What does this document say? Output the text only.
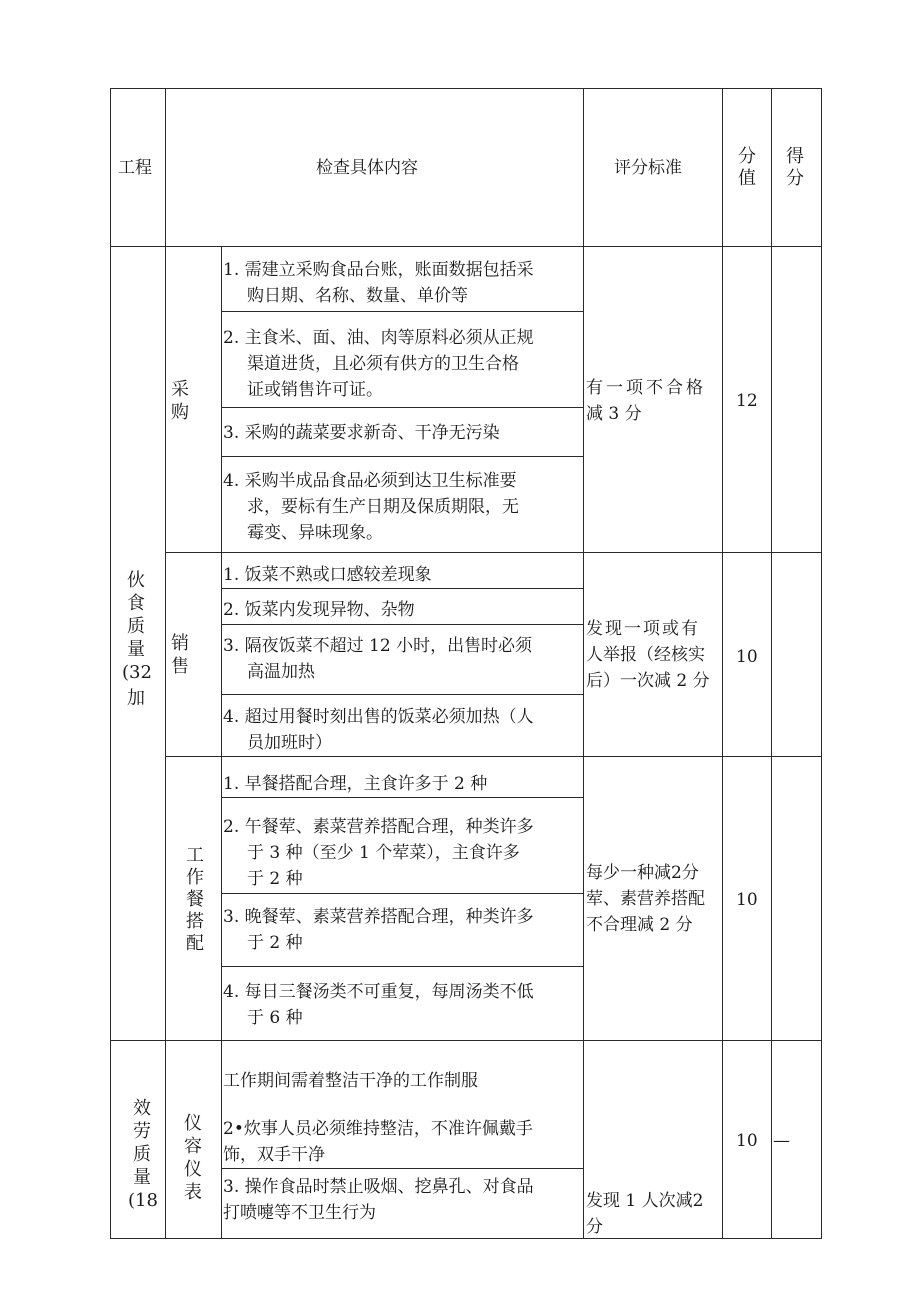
工程	检查具体内容	评分标准
分
值
得
分
伙
食
质
量
(32
加
采
购
1. 需建立采购食品台账，账面数据包括采
购日期、名称、数量、单价等
2. 主食米、面、油、肉等原料必须从正规
渠道进货，且必须有供方的卫生合格
证或销售许可证。
3. 采购的蔬菜要求新奇、干净无污染
4. 采购半成品食品必须到达卫生标准要
求，要标有生产日期及保质期限，无
霉变、异味现象。
有一项不合格
减 3 分
12
销
售
1. 饭菜不熟或口感较差现象
2. 饭菜内发现异物、杂物
3. 隔夜饭菜不超过 12 小时，出售时必须
高温加热
4. 超过用餐时刻出售的饭菜必须加热（人
员加班时）
发现一项或有
人举报（经核实
后）一次减 2 分
10
工
作
餐
搭
配
1. 早餐搭配合理，主食许多于 2 种
2. 午餐荤、素菜营养搭配合理，种类许多
于 3 种（至少 1 个荤菜），主食许多
于 2 种
3. 晚餐荤、素菜营养搭配合理，种类许多
于 2 种
4. 每日三餐汤类不可重复，每周汤类不低
于 6 种
每少一种减2分
荤、素营养搭配
不合理减 2 分
10
效
劳
质
量
(18
仪
容
仪
表
工作期间需着整洁干净的工作制服
2•炊事人员必须维持整洁，不准许佩戴手
饰，双手干净
3. 操作食品时禁止吸烟、挖鼻孔、对食品
打喷嚏等不卫生行为
发现 1 人次减2
分
10 —
